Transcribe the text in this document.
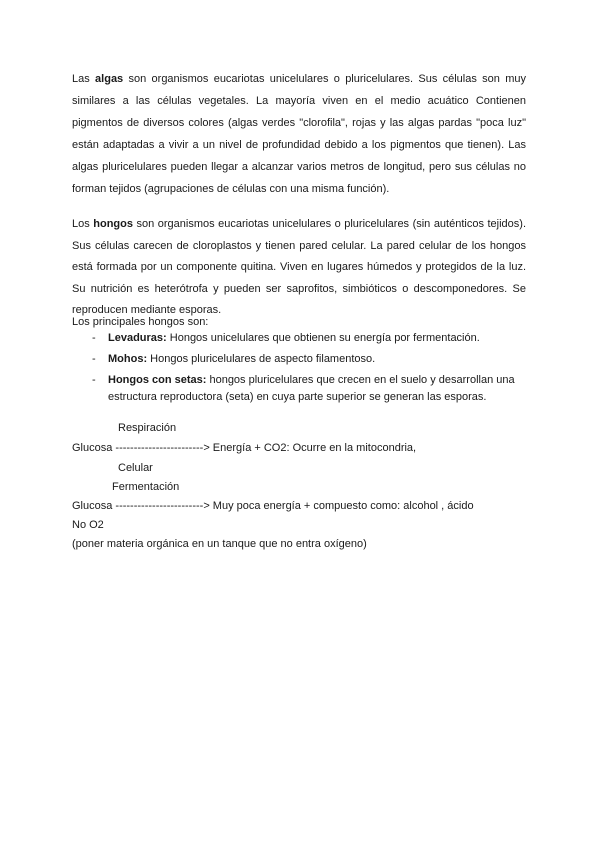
Las algas son organismos eucariotas unicelulares o pluricelulares. Sus células son muy
similares a las células vegetales. La mayoría viven en el medio acuático Contienen
pigmentos de diversos colores (algas verdes "clorofila", rojas y las algas pardas "poca luz"
están adaptadas a vivir a un nivel de profundidad debido a los pigmentos que tienen). Las
algas pluricelulares pueden llegar a alcanzar varios metros de longitud, pero sus células no
forman tejidos (agrupaciones de células con una misma función).

Los hongos son organismos eucariotas unicelulares o pluricelulares (sin auténticos tejidos). Sus células carecen de cloroplastos y tienen pared celular. La pared celular de los hongos está formada por un componente quitina. Viven en lugares húmedos y protegidos de la luz. Su nutrición es heterótrofa y pueden ser saprofitos, simbióticos o descomponedores. Se reproducen mediante esporas.

Los principales hongos son:

- Levaduras: Hongos unicelulares que obtienen su energía por fermentación.
- Mohos: Hongos pluricelulares de aspecto filamentoso.
- Hongos con setas: hongos pluricelulares que crecen en el suelo y desarrollan una estructura reproductora (seta) en cuya parte superior se generan las esporas.

Respiración

Glucosa ------------------------> Energía + CO2: Ocurre en la mitocondria,

Celular

Fermentación

Glucosa ------------------------> Muy poca energía + compuesto como: alcohol , ácido

No O2

(poner materia orgánica en un tanque que no entra oxígeno)
